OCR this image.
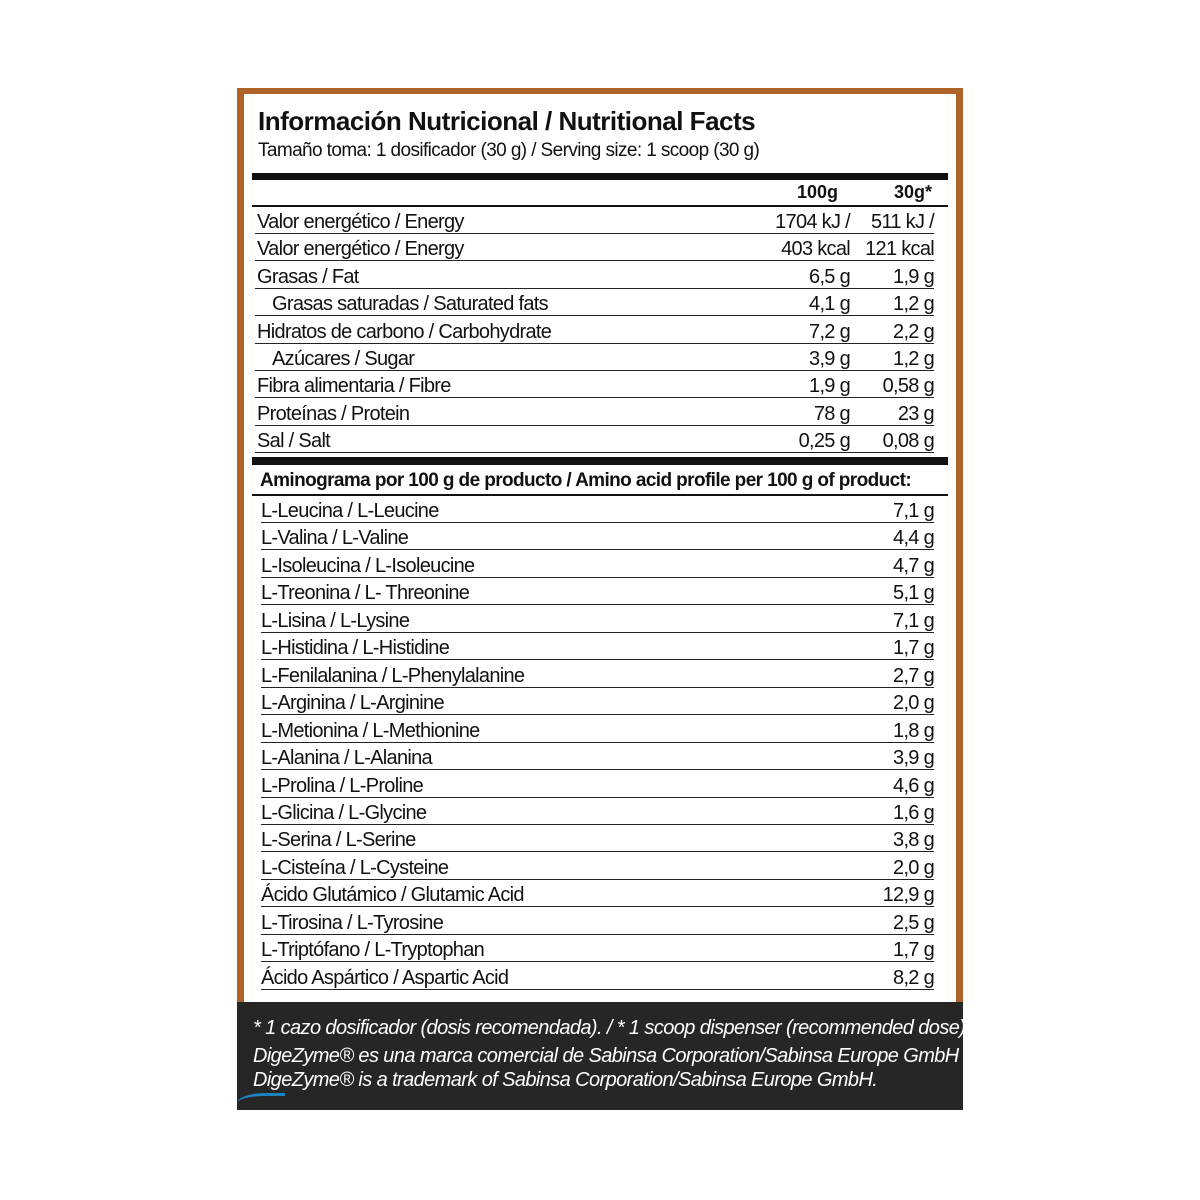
Información Nutricional / Nutritional Facts
Tamaño toma: 1 dosificador (30 g) / Serving size: 1 scoop (30 g)
100g	30g*
Valor energético / Energy	1704 kJ / 511 kJ /
Valor energético / Energy	403 kcal 121 kcal
Grasas / Fat	6,5 g 1,9 g
Grasas saturadas / Saturated fats	4,1 g 1,2 g
Hidratos de carbono / Carbohydrate	7,2 g 2,2 g
Azúcares / Sugar	3,9 g 1,2 g
Fibra alimentaria / Fibre	1,9 g 0,58 g
Proteínas / Protein	78 g 23 g
Sal / Salt	0,25 g 0,08 g
Aminograma por 100 g de producto / Amino acid profile per 100 g of product:
L-Leucina / L-Leucine	7,1 g
L-Valina / L-Valine	4,4 g
L-Isoleucina / L-Isoleucine	4,7 g
L-Treonina / L- Threonine	5,1 g
L-Lisina / L-Lysine	7,1 g
L-Histidina / L-Histidine	1,7 g
L-Fenilalanina / L-Phenylalanine	2,7 g
L-Arginina / L-Arginine	2,0 g
L-Metionina / L-Methionine	1,8 g
L-Alanina / L-Alanina	3,9 g
L-Prolina / L-Proline	4,6 g
L-Glicina / L-Glycine	1,6 g
L-Serina / L-Serine	3,8 g
L-Cisteína / L-Cysteine	2,0 g
Ácido Glutámico / Glutamic Acid	12,9 g
L-Tirosina / L-Tyrosine	2,5 g
L-Triptófano / L-Tryptophan	1,7 g
Ácido Aspártico / Aspartic Acid	8,2 g
* 1 cazo dosificador (dosis recomendada). / * 1 scoop dispenser (recommended dose).
DigeZyme® es una marca comercial de Sabinsa Corporation/Sabinsa Europe GmbH
DigeZyme® is a trademark of Sabinsa Corporation/Sabinsa Europe GmbH.
